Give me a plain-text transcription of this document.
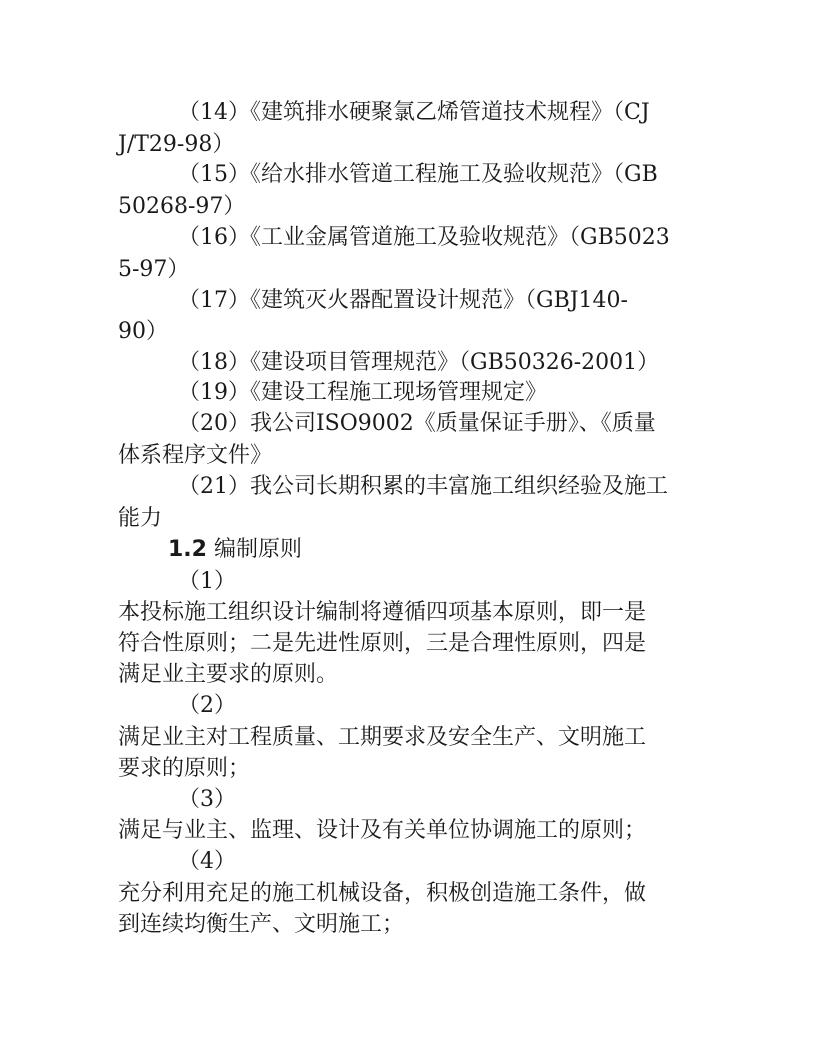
（14）《建筑排水硬聚氯乙烯管道技术规程》（CJ
J/T29-98）
（15）《给水排水管道工程施工及验收规范》（GB
50268-97）
（16）《工业金属管道施工及验收规范》（GB5023
5-97）
（17）《建筑灭火器配置设计规范》（GBJ140-
90）
（18）《建设项目管理规范》（GB50326-2001）
（19）《建设工程施工现场管理规定》
（20）我公司ISO9002《质量保证手册》、《质量
体系程序文件》
（21）我公司长期积累的丰富施工组织经验及施工
能力
1.2 编制原则
（1）
本投标施工组织设计编制将遵循四项基本原则，即一是
符合性原则；二是先进性原则，三是合理性原则，四是
满足业主要求的原则。
（2）
满足业主对工程质量、工期要求及安全生产、文明施工
要求的原则；
（3）
满足与业主、监理、设计及有关单位协调施工的原则；
（4）
充分利用充足的施工机械设备，积极创造施工条件，做
到连续均衡生产、文明施工；
